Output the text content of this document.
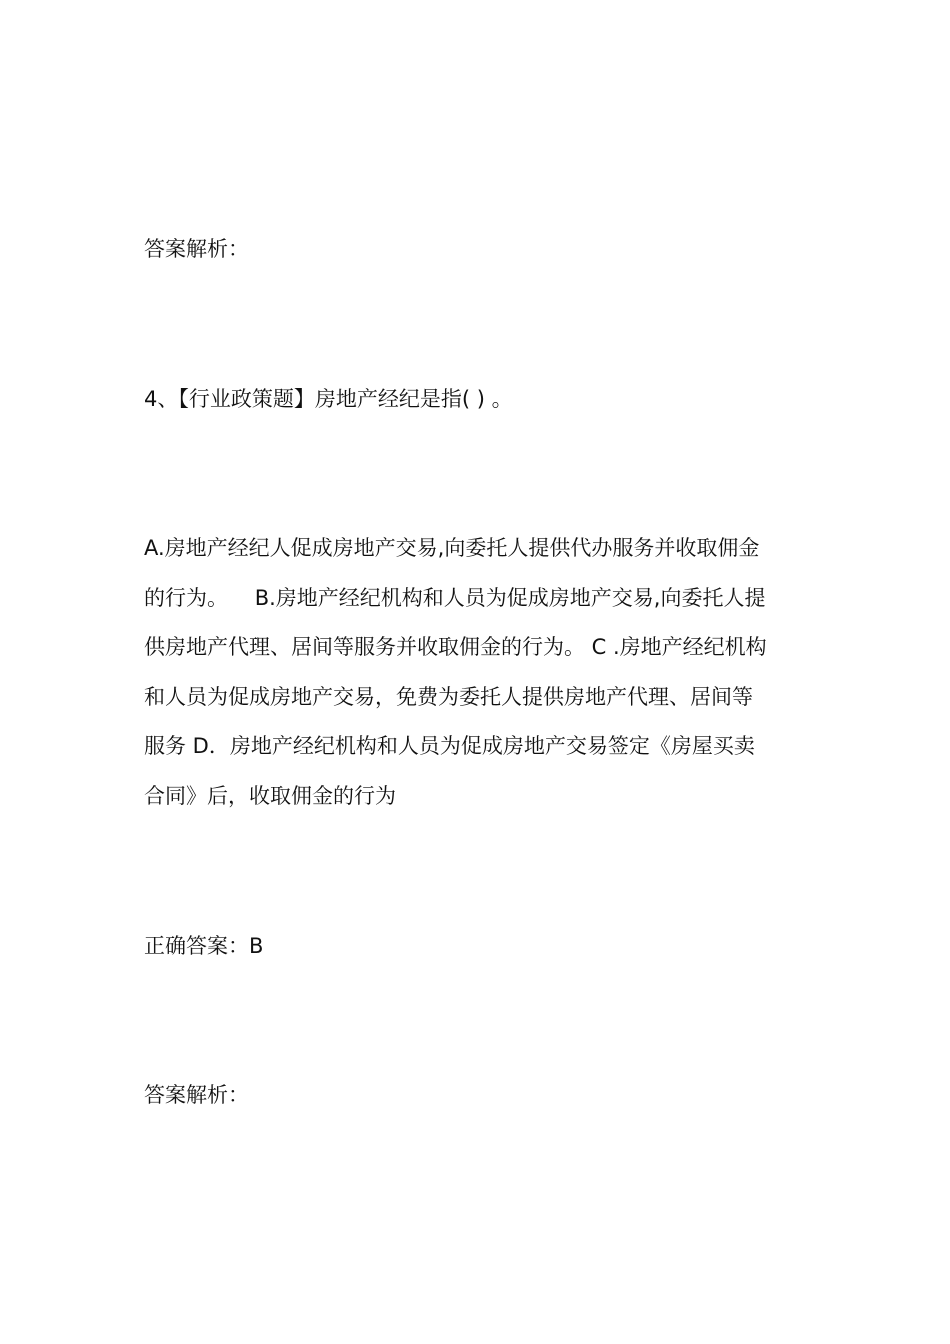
答案解析：
4、【行业政策题】房地产经纪是指( ) 。
A.房地产经纪人促成房地产交易,向委托人提供代办服务并收取佣金
的行为。    B.房地产经纪机构和人员为促成房地产交易,向委托人提
供房地产代理、居间等服务并收取佣金的行为。 C .房地产经纪机构
和人员为促成房地产交易，免费为委托人提供房地产代理、居间等
服务 D．房地产经纪机构和人员为促成房地产交易签定《房屋买卖
合同》后，收取佣金的行为
正确答案：B
答案解析：
